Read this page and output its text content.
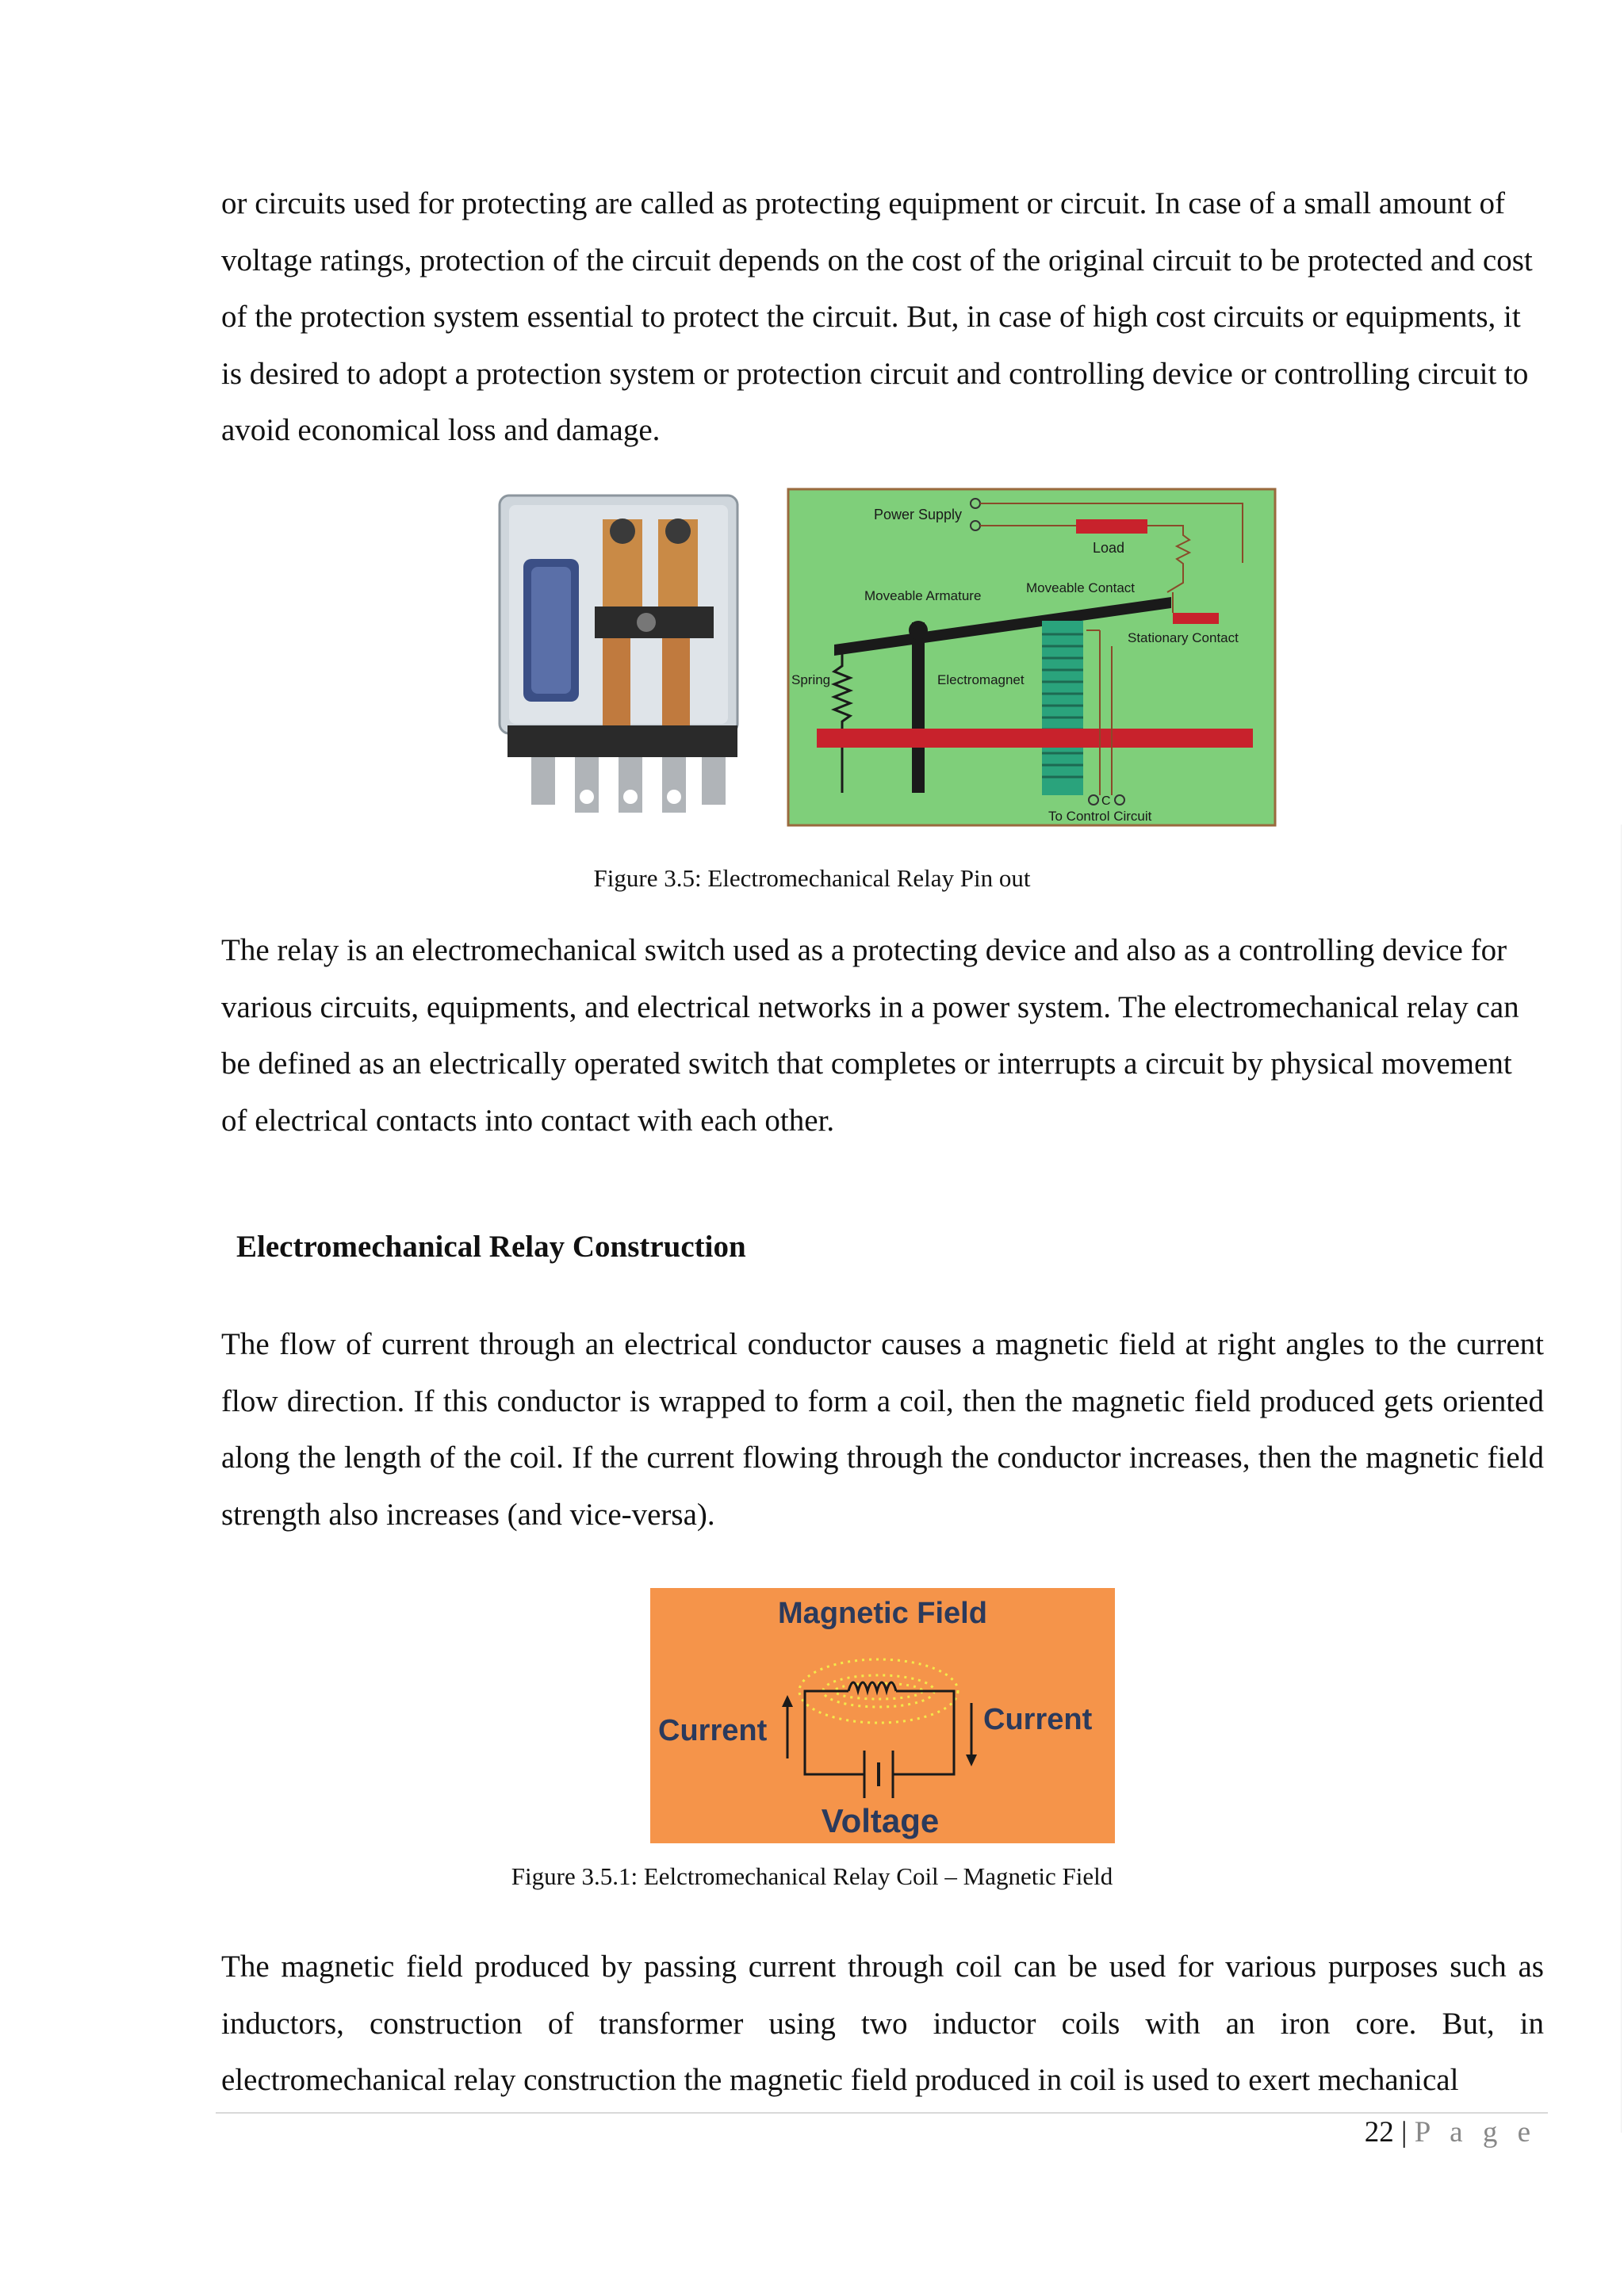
or circuits used for protecting are called as protecting equipment or circuit. In case of a small amount of voltage ratings, protection of the circuit depends on the cost of the original circuit to be protected and cost of the protection system essential to protect the circuit. But, in case of high cost circuits or equipments, it is desired to adopt a protection system or protection circuit and controlling device or controlling circuit to avoid economical loss and damage.

Power Supply
Load
Moveable Contact
Moveable Armature
Stationary Contact
Spring	Electromagnet
C
To Control Circuit

Figure 3.5: Electromechanical Relay Pin out

The relay is an electromechanical switch used as a protecting device and also as a controlling device for various circuits, equipments, and electrical networks in a power system. The electromechanical relay can be defined as an electrically operated switch that completes or interrupts a circuit by physical movement of electrical contacts into contact with each other.

Electromechanical Relay Construction

The flow of current through an electrical conductor causes a magnetic field at right angles to the current flow direction. If this conductor is wrapped to form a coil, then the magnetic field produced gets oriented along the length of the coil. If the current flowing through the conductor increases, then the magnetic field strength also increases (and vice-versa).

Magnetic Field
Current	Current
Voltage

Figure 3.5.1: Eelctromechanical Relay Coil – Magnetic Field

The magnetic field produced by passing current through coil can be used for various purposes such as inductors, construction of transformer using two inductor coils with an iron core. But, in electromechanical relay construction the magnetic field produced in coil is used to exert mechanical

22 | P a g e
